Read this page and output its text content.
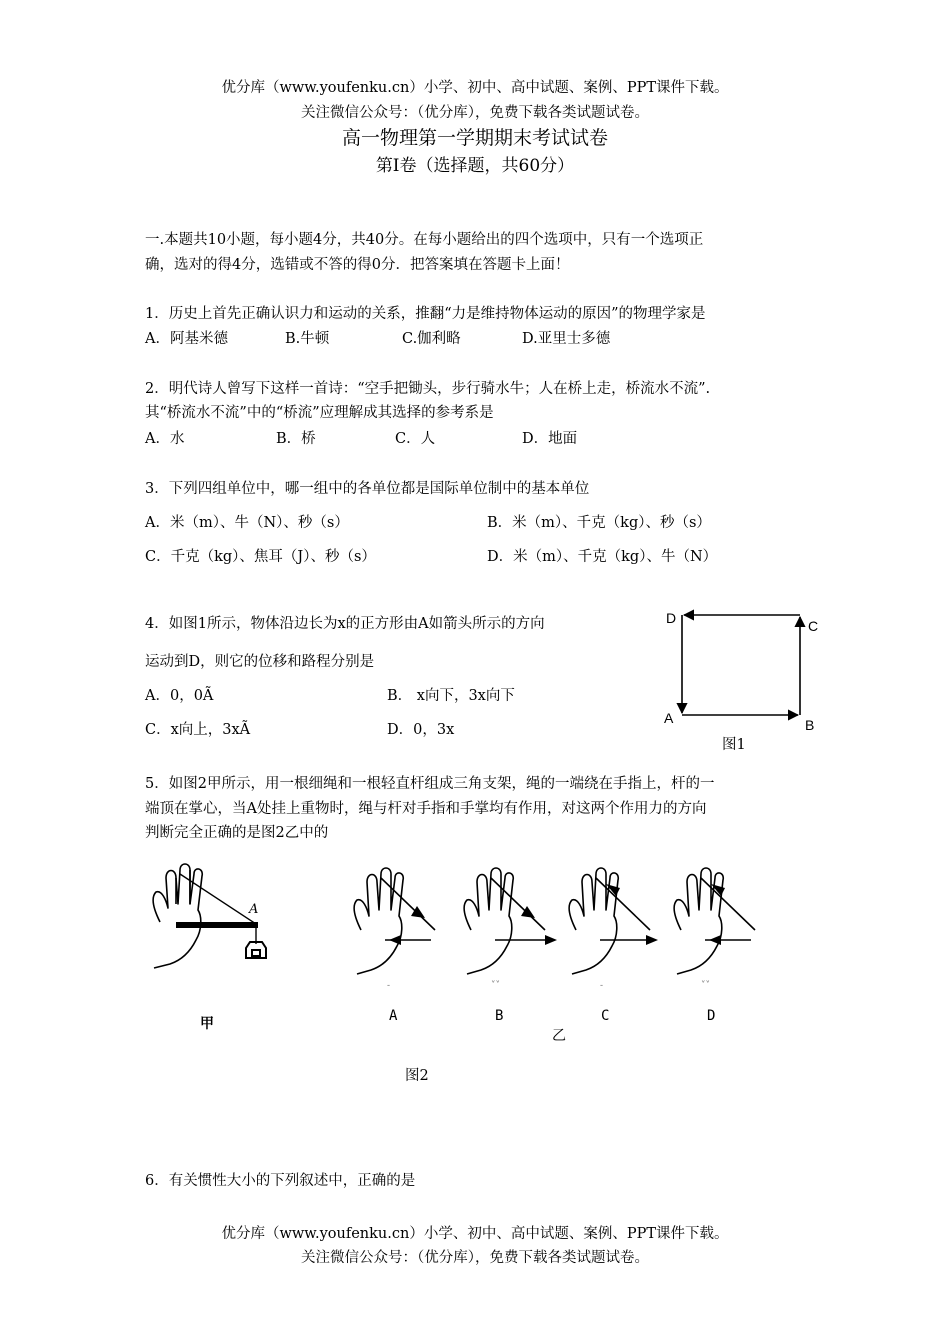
优分库（www.youfenku.cn）小学、初中、高中试题、案例、PPT课件下载。
关注微信公众号：（优分库），免费下载各类试题试卷。
高一物理第一学期期末考试试卷
第Ⅰ卷（选择题，共60分）
一.本题共10小题，每小题4分，共40分。在每小题给出的四个选项中，只有一个选项正
确，选对的得4分，选错或不答的得0分．把答案填在答题卡上面！
1．历史上首先正确认识力和运动的关系，推翻“力是维持物体运动的原因”的物理学家是
A．阿基米德	B.牛顿	C.伽利略	D.亚里士多德
2．明代诗人曾写下这样一首诗：“空手把锄头，步行骑水牛；人在桥上走，桥流水不流”.
其“桥流水不流”中的“桥流”应理解成其选择的参考系是
A．水	B．桥	C．人	D．地面
3．下列四组单位中，哪一组中的各单位都是国际单位制中的基本单位
A．米（m）、牛（N）、秒（s）	B．米（m）、千克（kg）、秒（s）
C．千克（kg）、焦耳（J）、秒（s）	D．米（m）、千克（kg）、牛（N）
4．如图1所示，物体沿边长为x的正方形由A如箭头所示的方向
运动到D，则它的位移和路程分别是
A．0，0Ã	B． x向下，3x向下
C．x向上，3xÃ	D．0，3x
D	C
A	B
图1
5．如图2甲所示，用一根细绳和一根轻直杆组成三角支架，绳的一端绕在手指上，杆的一
端顶在掌心，当A处挂上重物时，绳与杆对手指和手掌均有作用，对这两个作用力的方向
判断完全正确的是图2乙中的
A
-	˅˅	-	˅˅
甲	A	B	C	D
乙
图2
6．有关惯性大小的下列叙述中，正确的是
优分库（www.youfenku.cn）小学、初中、高中试题、案例、PPT课件下载。
关注微信公众号：（优分库），免费下载各类试题试卷。
